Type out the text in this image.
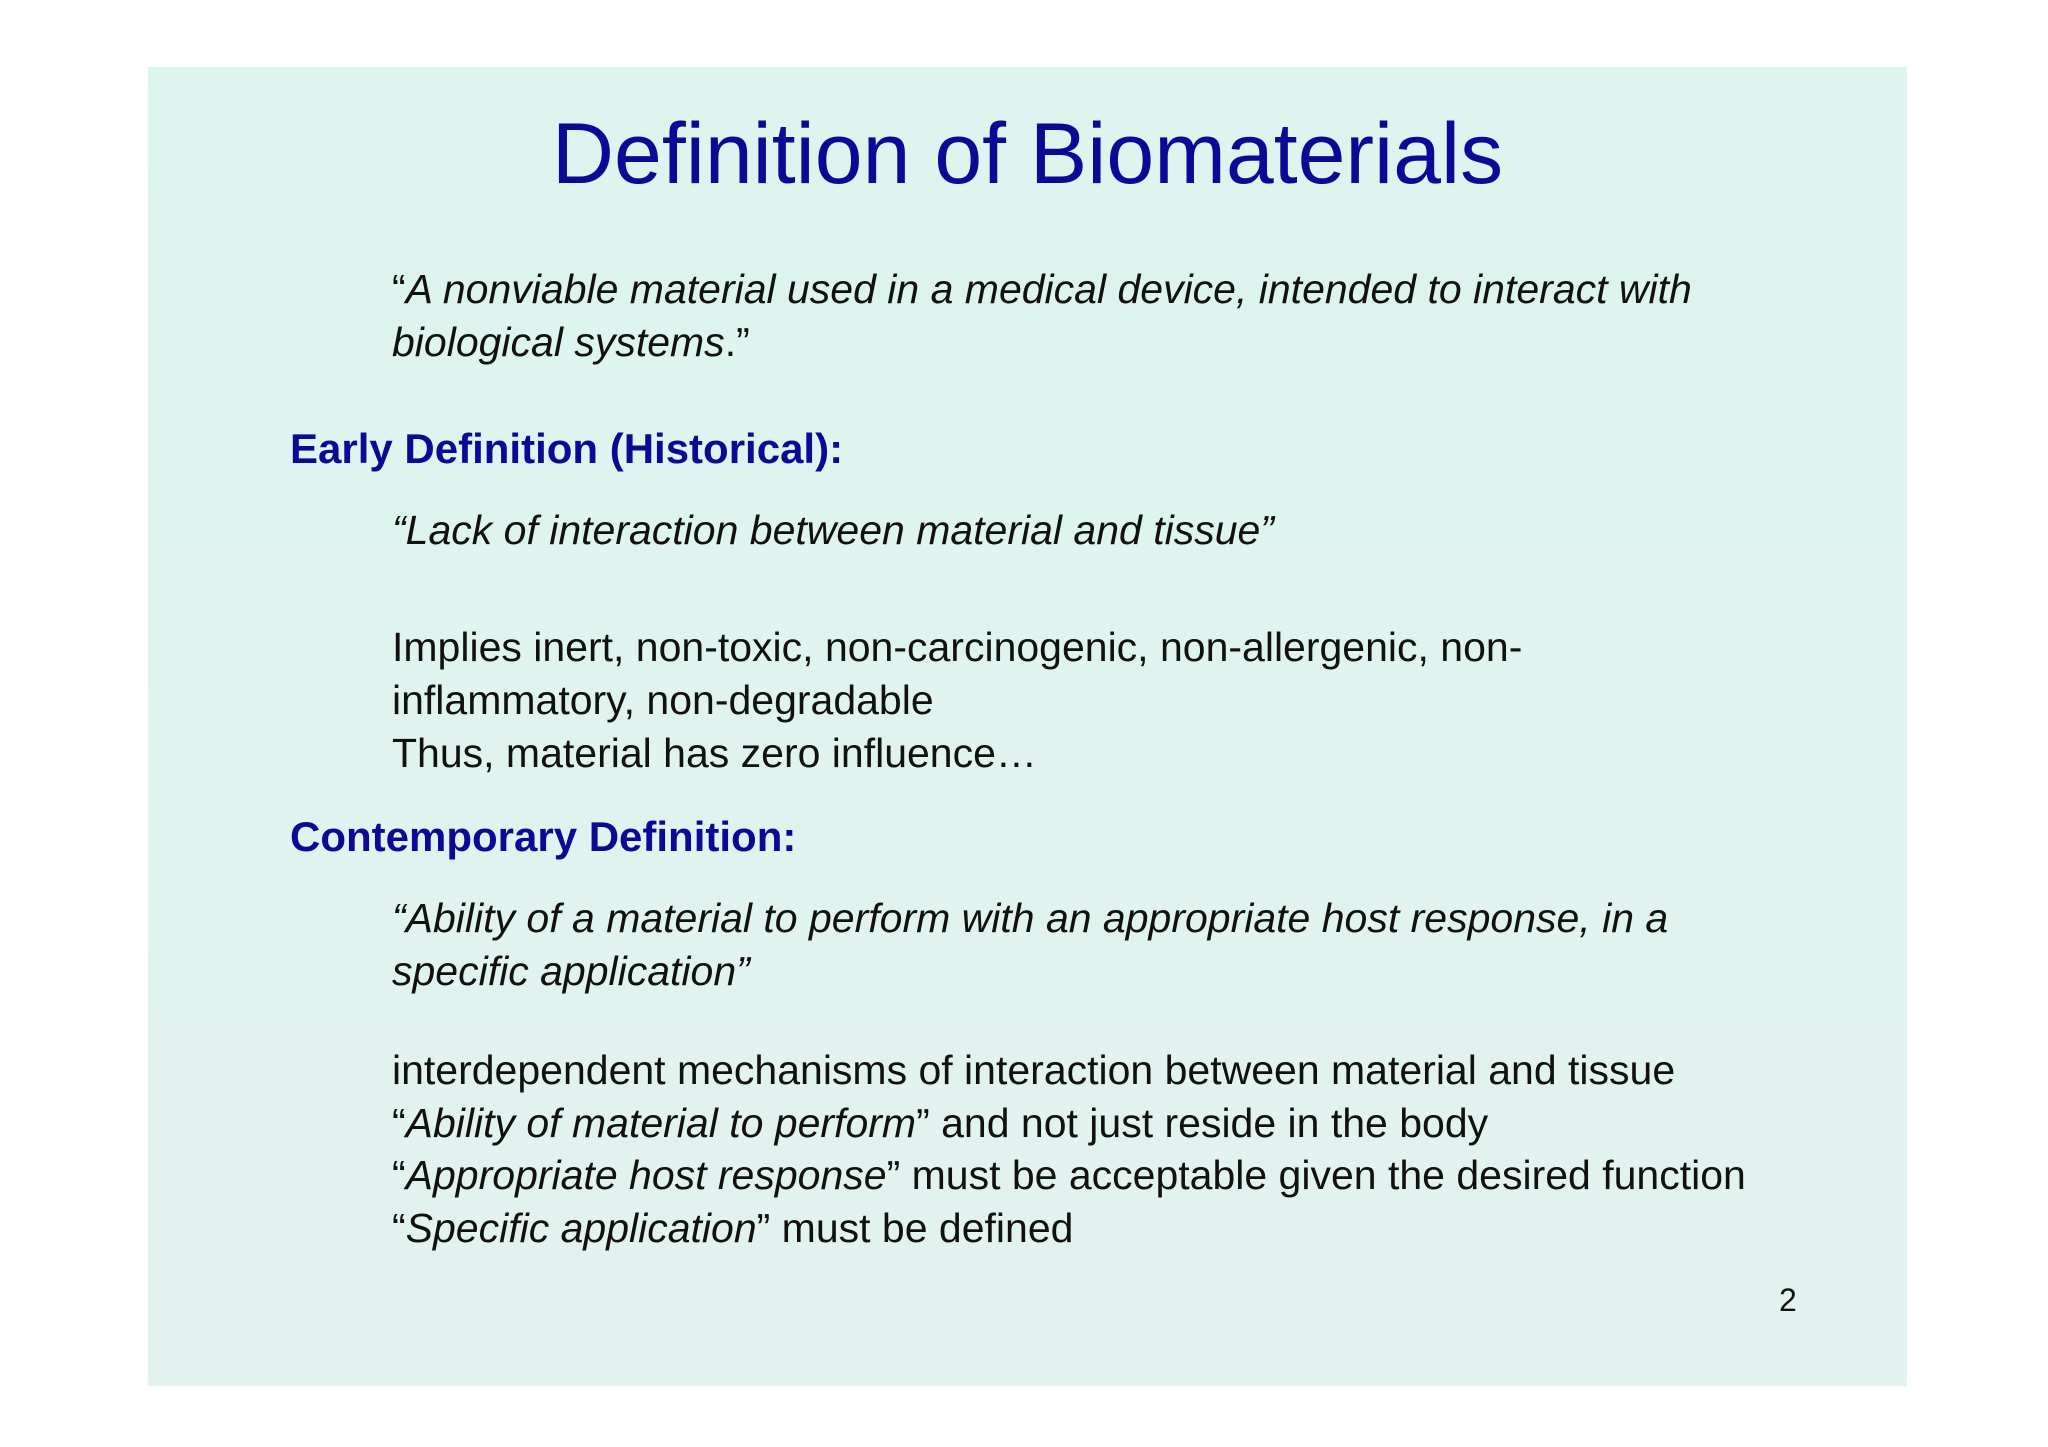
Definition of Biomaterials
“A nonviable material used in a medical device, intended to interact with
biological systems.”
Early Definition (Historical):
“Lack of interaction between material and tissue”
Implies inert, non-toxic, non-carcinogenic, non-allergenic, non-
inflammatory, non-degradable
Thus, material has zero influence…
Contemporary Definition:
“Ability of a material to perform with an appropriate host response, in a
specific application”
interdependent mechanisms of interaction between material and tissue
“Ability of material to perform” and not just reside in the body
“Appropriate host response” must be acceptable given the desired function
“Specific application” must be defined
2
